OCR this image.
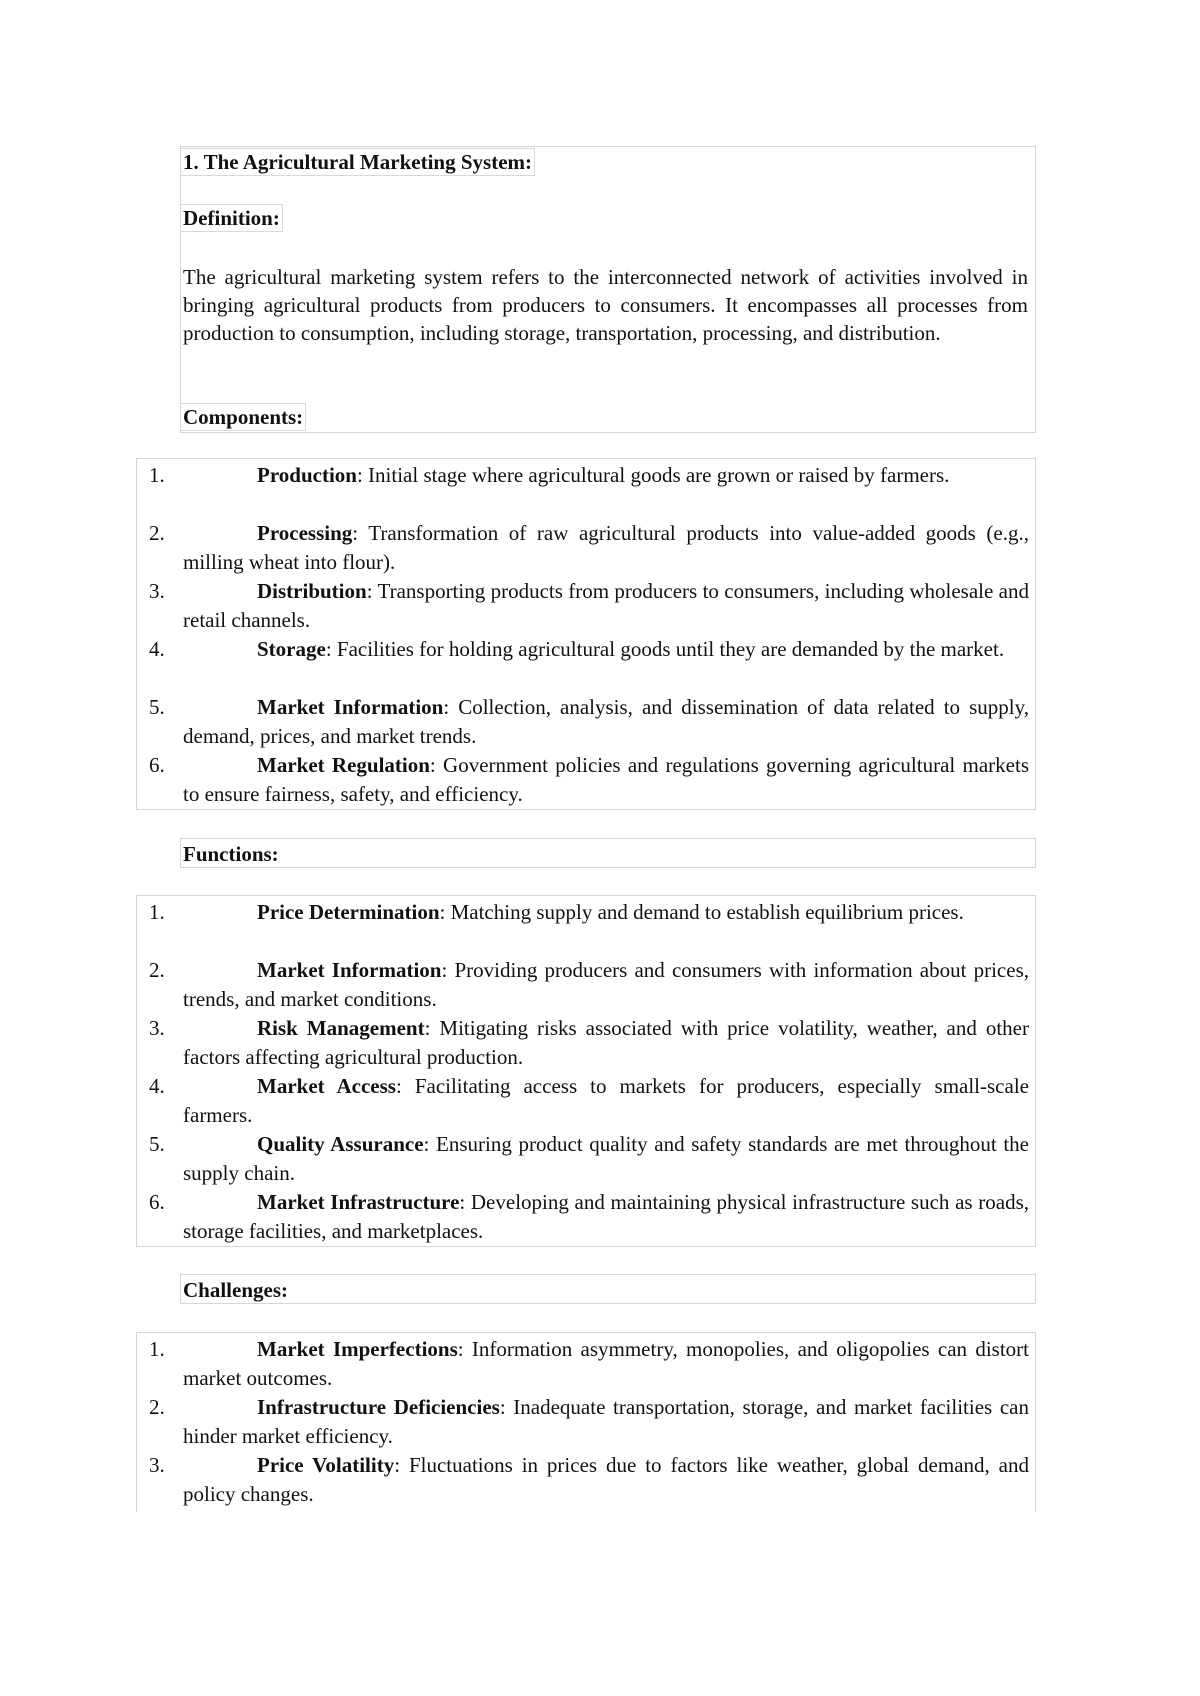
1. The Agricultural Marketing System:
Definition:

The agricultural marketing system refers to the interconnected network of activities involved in bringing agricultural products from producers to consumers. It encompasses all processes from production to consumption, including storage, transportation, processing, and distribution.

Components:
1.	Production: Initial stage where agricultural goods are grown or raised by farmers.

2.	Processing: Transformation of raw agricultural products into value-added goods (e.g., milling wheat into flour).

3.	Distribution: Transporting products from producers to consumers, including wholesale and retail channels.

4.	Storage: Facilities for holding agricultural goods until they are demanded by the market.

5.	Market Information: Collection, analysis, and dissemination of data related to supply, demand, prices, and market trends.

6.	Market Regulation: Government policies and regulations governing agricultural markets to ensure fairness, safety, and efficiency.

Functions:
1.	Price Determination: Matching supply and demand to establish equilibrium prices.

2.	Market Information: Providing producers and consumers with information about prices, trends, and market conditions.

3.	Risk Management: Mitigating risks associated with price volatility, weather, and other factors affecting agricultural production.

4.	Market Access: Facilitating access to markets for producers, especially small-scale farmers.

5.	Quality Assurance: Ensuring product quality and safety standards are met throughout the supply chain.

6.	Market Infrastructure: Developing and maintaining physical infrastructure such as roads, storage facilities, and marketplaces.

Challenges:
1.	Market Imperfections: Information asymmetry, monopolies, and oligopolies can distort market outcomes.

2.	Infrastructure Deficiencies: Inadequate transportation, storage, and market facilities can hinder market efficiency.

3.	Price Volatility: Fluctuations in prices due to factors like weather, global demand, and policy changes.
